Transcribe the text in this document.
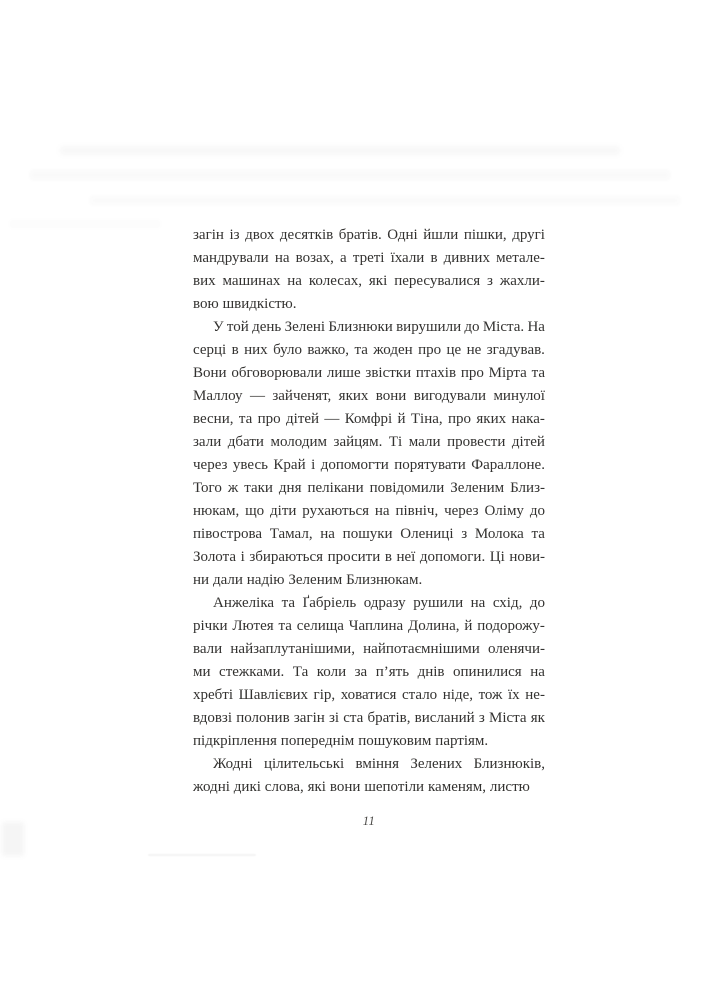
загін із двох десятків братів. Одні йшли пішки, другі
мандрували на возах, а треті їхали в дивних метале-
вих машинах на колесах, які пересувалися з жахли-
вою швидкістю.

У той день Зелені Близнюки вирушили до Міста. На
серці в них було важко, та жоден про це не згадував.
Вони обговорювали лише звістки птахів про Мірта та
Маллоу — зайченят, яких вони вигодували минулої
весни, та про дітей — Комфрі й Тіна, про яких нака-
зали дбати молодим зайцям. Ті мали провести дітей
через увесь Край і допомогти порятувати Фараллоне.
Того ж таки дня пелікани повідомили Зеленим Близ-
нюкам, що діти рухаються на північ, через Оліму до
півострова Тамал, на пошуки Олениці з Молока та
Золота і збираються просити в неї допомоги. Ці нови-
ни дали надію Зеленим Близнюкам.

Анжеліка та Ґабріель одразу рушили на схід, до
річки Лютея та селища Чаплина Долина, й подорожу-
вали найзаплутанішими, найпотаємнішими оленячи-
ми стежками. Та коли за п’ять днів опинилися на
хребті Шавлієвих гір, ховатися стало ніде, тож їх не-
вдовзі полонив загін зі ста братів, висланий з Міста як
підкріплення попереднім пошуковим партіям.

Жодні цілительські вміння Зелених Близнюків,
жодні дикі слова, які вони шепотіли каменям, листю

11
